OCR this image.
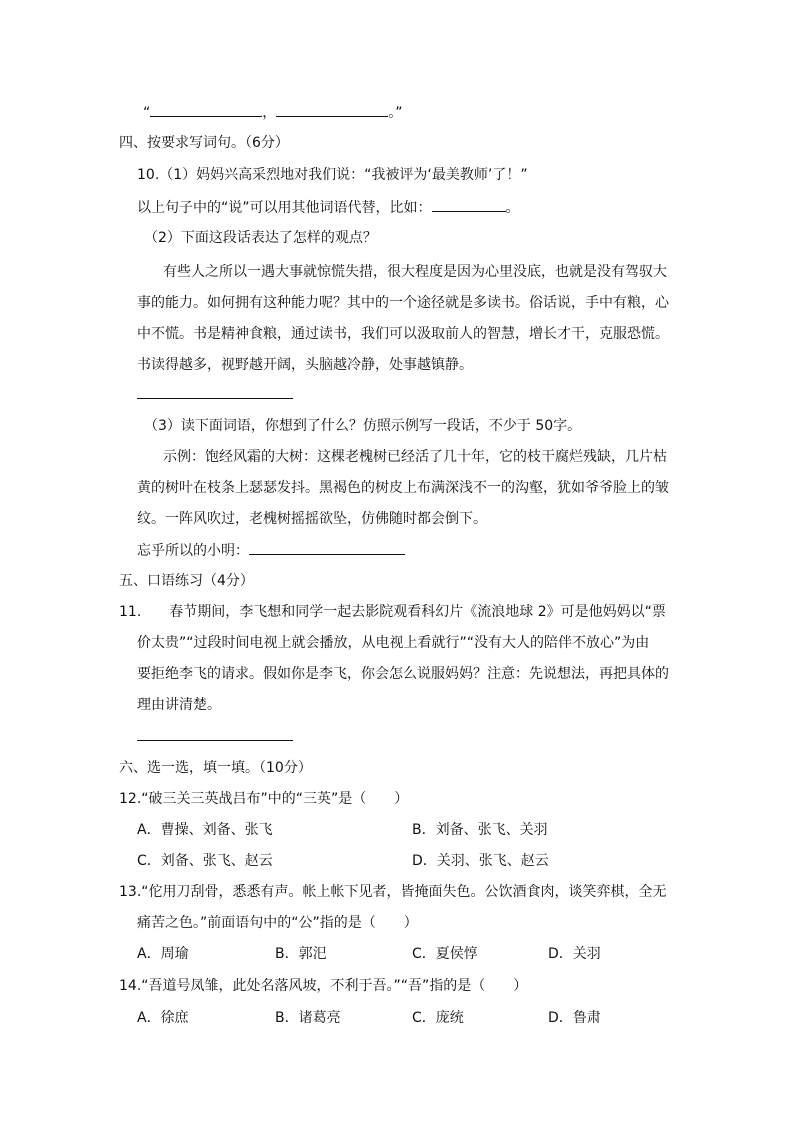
“	，	。”
四、按要求写词句。（6分）
10.（1）妈妈兴高采烈地对我们说：“我被评为‘最美教师’了！”
以上句子中的“说”可以用其他词语代替，比如：	。
（2）下面这段话表达了怎样的观点？
有些人之所以一遇大事就惊慌失措，很大程度是因为心里没底，也就是没有驾驭大
事的能力。如何拥有这种能力呢？其中的一个途径就是多读书。俗话说，手中有粮，心
中不慌。书是精神食粮，通过读书，我们可以汲取前人的智慧，增长才干，克服恐慌。
书读得越多，视野越开阔，头脑越冷静，处事越镇静。
（3）读下面词语，你想到了什么？仿照示例写一段话，不少于 50字。
示例：饱经风霜的大树：这棵老槐树已经活了几十年，它的枝干腐烂残缺，几片枯
黄的树叶在枝条上瑟瑟发抖。黑褐色的树皮上布满深浅不一的沟壑，犹如爷爷脸上的皱
纹。一阵风吹过，老槐树摇摇欲坠，仿佛随时都会倒下。
忘乎所以的小明：
五、口语练习（4分）
11.　　春节期间，李飞想和同学一起去影院观看科幻片《流浪地球 2》可是他妈妈以“票
价太贵”“过段时间电视上就会播放，从电视上看就行”“没有大人的陪伴不放心”为由
要拒绝李飞的请求。假如你是李飞，你会怎么说服妈妈？注意：先说想法，再把具体的
理由讲清楚。
六、选一选，填一填。（10分）
12.“破三关三英战吕布”中的“三英”是（　　）
A．曹操、刘备、张飞	B．刘备、张飞、关羽
C．刘备、张飞、赵云	D．关羽、张飞、赵云
13.“佗用刀刮骨，悉悉有声。帐上帐下见者，皆掩面失色。公饮酒食肉，谈笑弈棋，全无
痛苦之色。”前面语句中的“公”指的是（　　）
A．周瑜	B．郭汜	C．夏侯惇	D．关羽
14.“吾道号凤雏，此处名落风坡，不利于吾。”“吾”指的是（　　）
A．徐庶	B．诸葛亮	C．庞统	D．鲁肃
